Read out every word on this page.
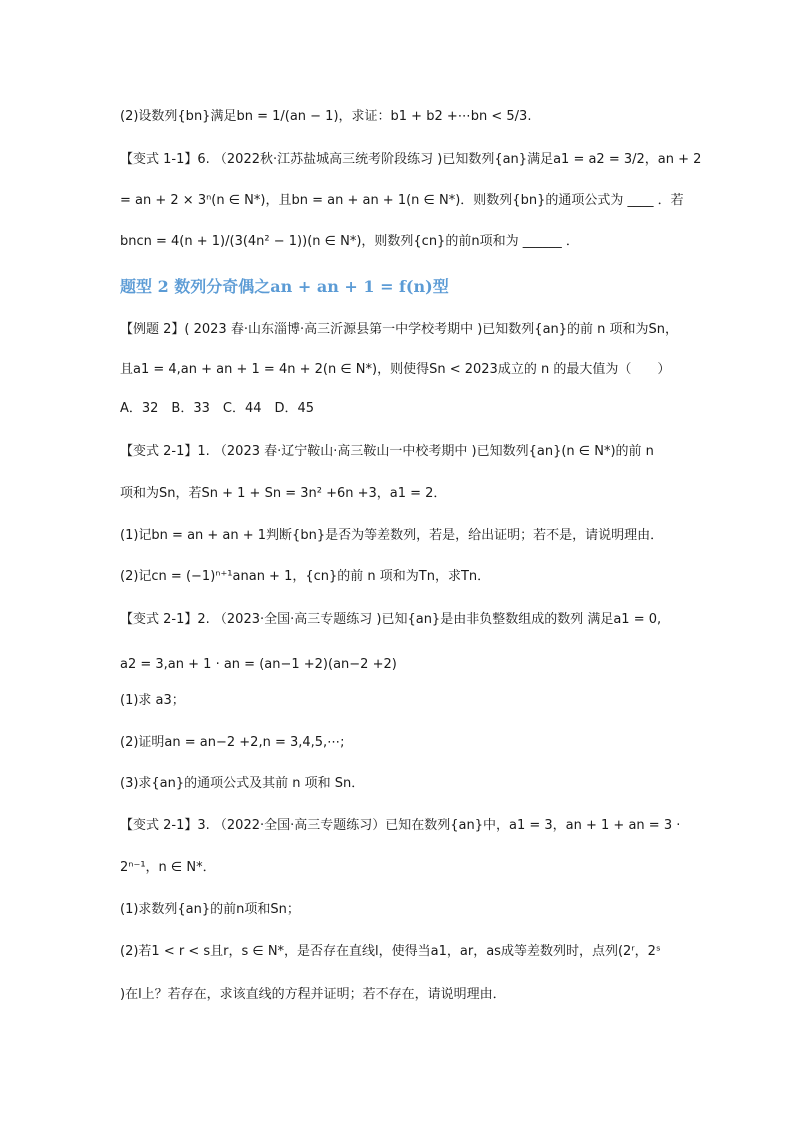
(2)设数列{bn}满足bn = 1/(an − 1)，求证：b1 + b2 +⋯bn < 5/3.
【变式 1-1】6. （2022秋·江苏盐城高三统考阶段练习 )已知数列{an}满足a1 = a2 = 3/2，an + 2
= an + 2 × 3ⁿ(n ∈ N*)，且bn = an + an + 1(n ∈ N*)．则数列{bn}的通项公式为 ____ ．若
bncn = 4(n + 1)/(3(4n² − 1))(n ∈ N*)，则数列{cn}的前n项和为 ______ ．
题型 2 数列分奇偶之an + an + 1 = f(n)型
【例题 2】( 2023 春·山东淄博·高三沂源县第一中学校考期中 )已知数列{an}的前 n 项和为Sn，
且a1 = 4,an + an + 1 = 4n + 2(n ∈ N*)，则使得Sn < 2023成立的 n 的最大值为（　　）
A．32　B．33　C．44　D．45
【变式 2-1】1. （2023 春·辽宁鞍山·高三鞍山一中校考期中 )已知数列{an}(n ∈ N*)的前 n
项和为Sn，若Sn + 1 + Sn = 3n² +6n +3，a1 = 2．
(1)记bn = an + an + 1判断{bn}是否为等差数列，若是，给出证明；若不是，请说明理由．
(2)记cn = (−1)ⁿ⁺¹anan + 1，{cn}的前 n 项和为Tn，求Tn．
【变式 2-1】2. （2023·全国·高三专题练习 )已知{an}是由非负整数组成的数列 满足a1 = 0,
a2 = 3,an + 1 · an = (an−1 +2)(an−2 +2)
(1)求 a3；
(2)证明an = an−2 +2,n = 3,4,5,⋯;
(3)求{an}的通项公式及其前 n 项和 Sn．
【变式 2-1】3. （2022·全国·高三专题练习）已知在数列{an}中，a1 = 3，an + 1 + an = 3 ·
2ⁿ⁻¹，n ∈ N*．
(1)求数列{an}的前n项和Sn；
(2)若1 < r < s且r，s ∈ N*，是否存在直线l，使得当a1，ar，as成等差数列时，点列(2ʳ，2ˢ
)在l上？若存在，求该直线的方程并证明；若不存在，请说明理由．
